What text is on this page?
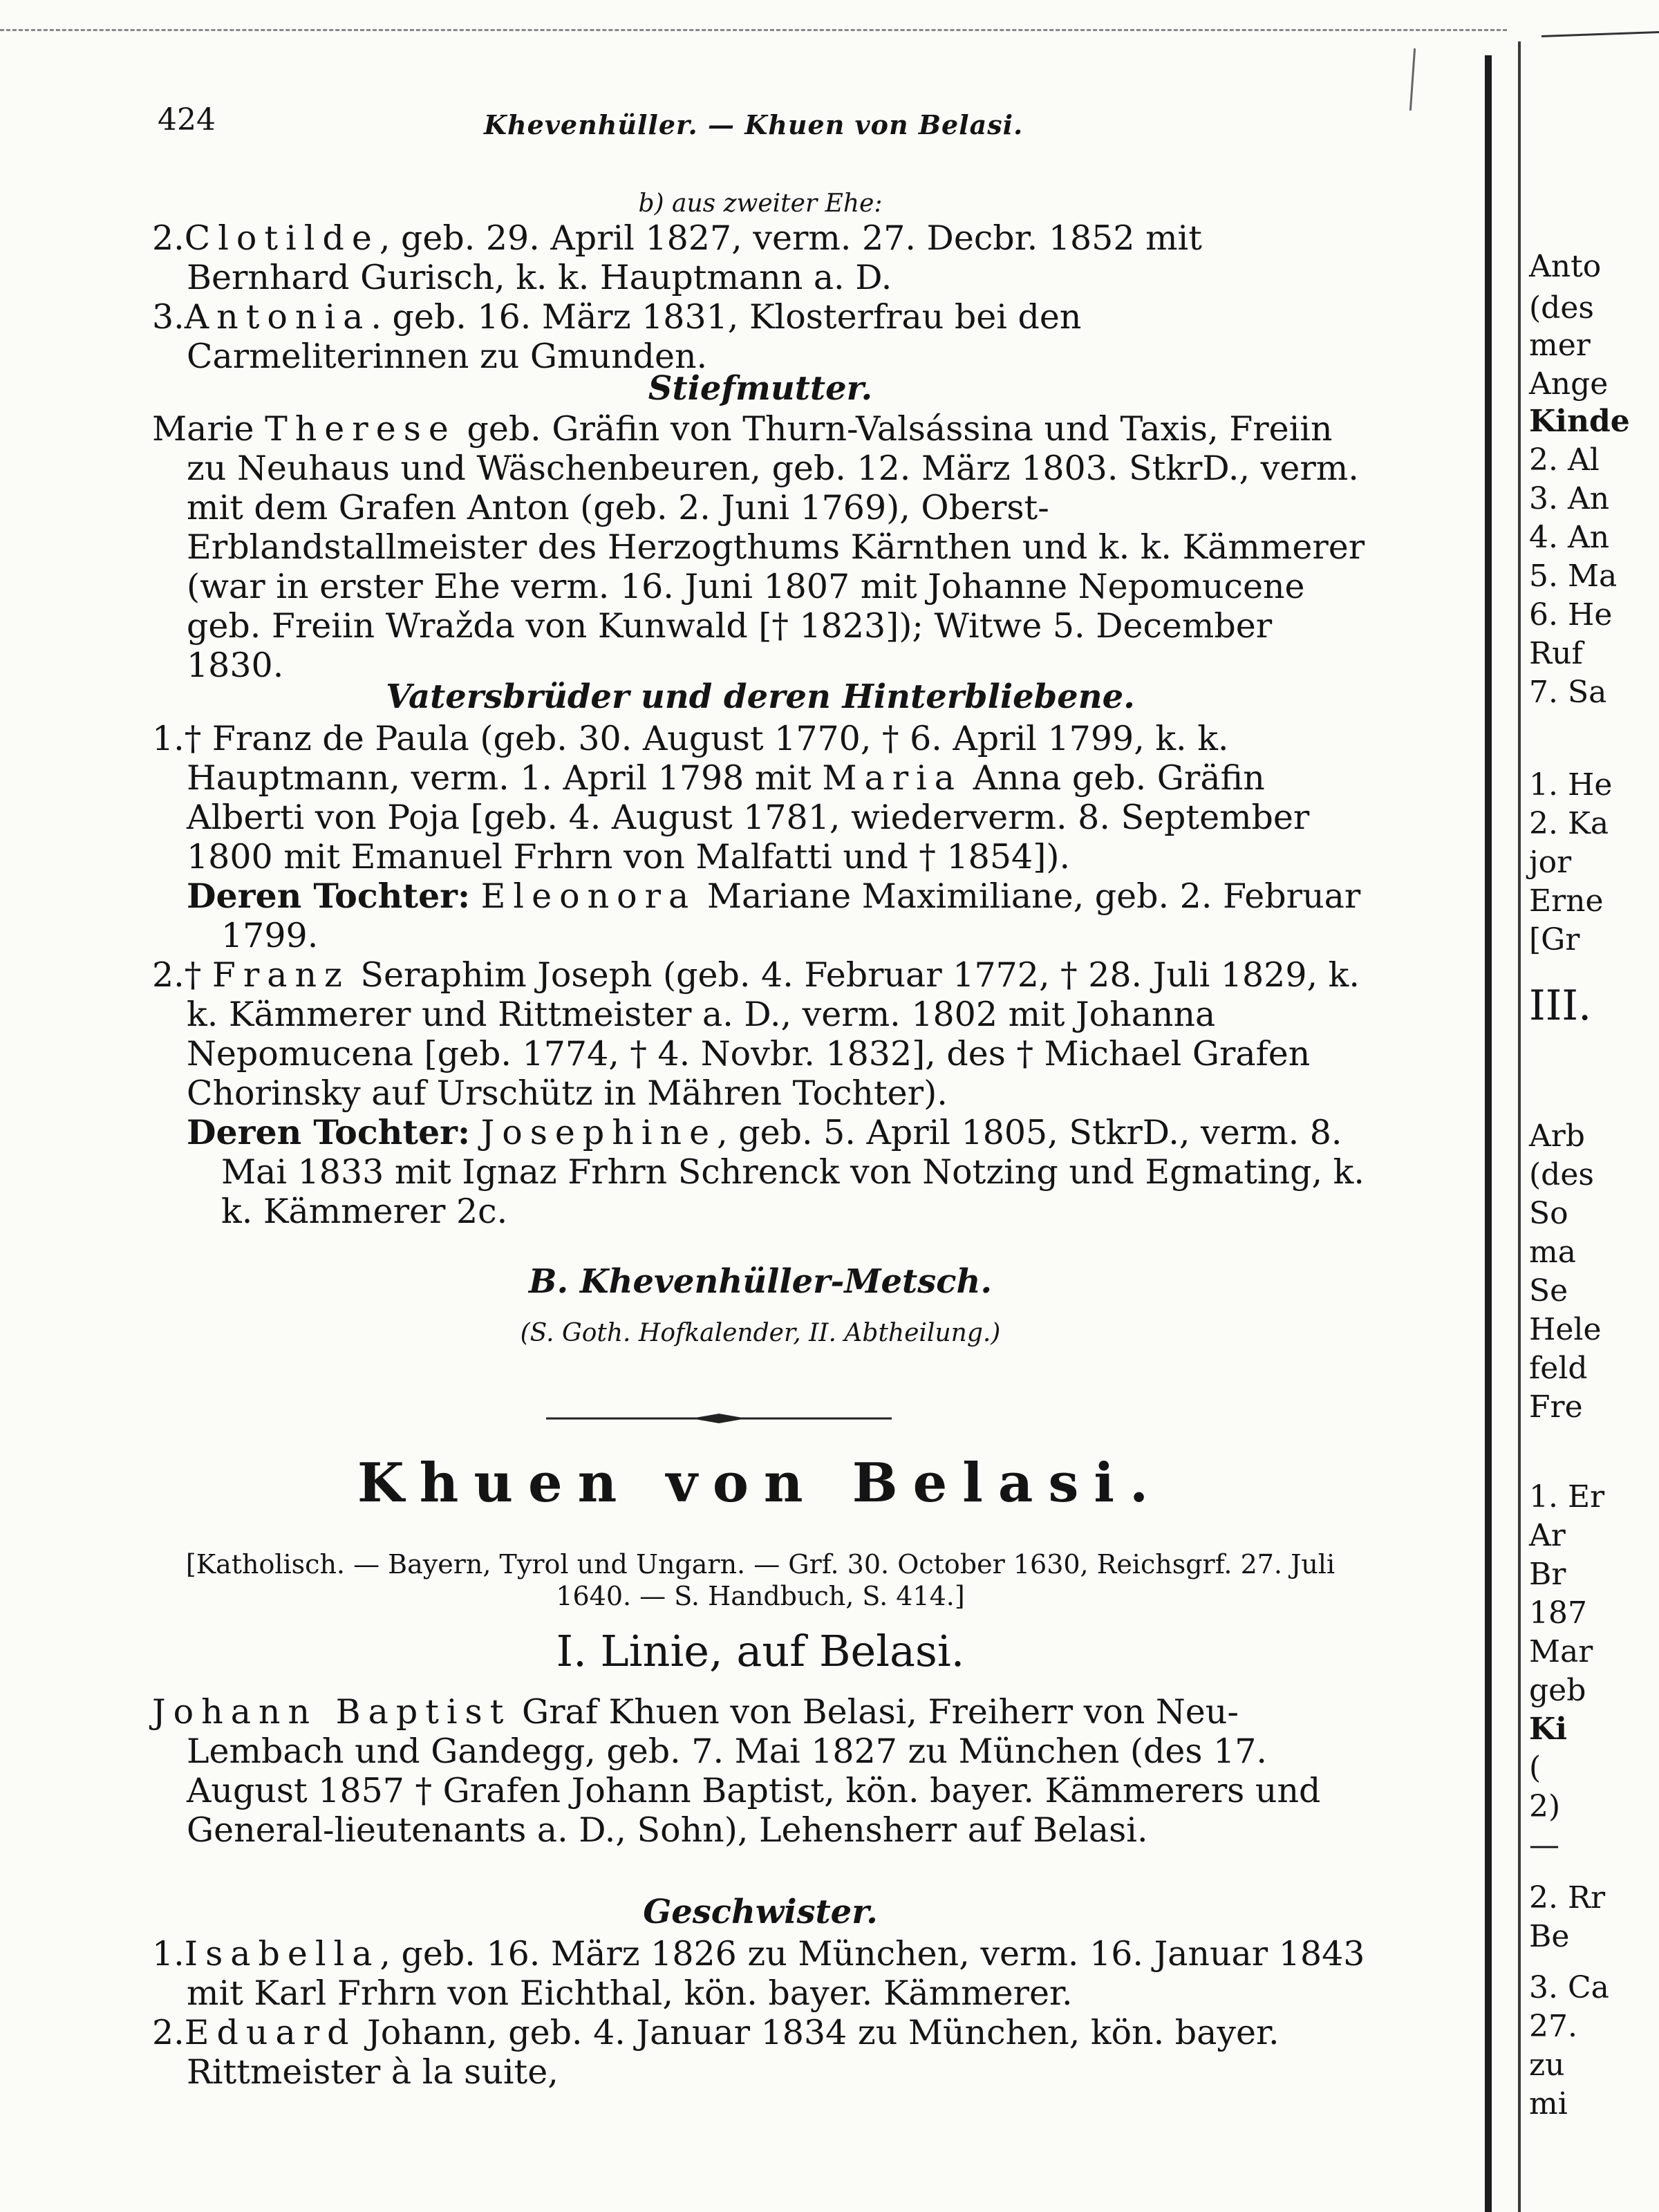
424	Khevenhüller. — Khuen von Belasi.
b) aus zweiter Ehe:

2.Clotilde, geb. 29. April 1827, verm. 27. Decbr. 1852 mit Bernhard Gurisch, k. k. Hauptmann a. D.

3.Antonia. geb. 16. März 1831, Klosterfrau bei den Carmeliterinnen zu Gmunden.

Stiefmutter.

Marie Therese geb. Gräfin von Thurn-Valsássina und Taxis, Freiin zu Neuhaus und Wäschenbeuren, geb. 12. März 1803. StkrD., verm. mit dem Grafen Anton (geb. 2. Juni 1769), Oberst-Erblandstallmeister des Herzogthums Kärnthen und k. k. Kämmerer (war in erster Ehe verm. 16. Juni 1807 mit Johanne Nepomucene geb. Freiin Wražda von Kunwald [† 1823]); Witwe 5. December 1830.

Vatersbrüder und deren Hinterbliebene.

1.† Franz de Paula (geb. 30. August 1770, † 6. April 1799, k. k. Hauptmann, verm. 1. April 1798 mit Maria Anna geb. Gräfin Alberti von Poja [geb. 4. August 1781, wiederverm. 8. September 1800 mit Emanuel Frhrn von Malfatti und † 1854]).

Deren Tochter: Eleonora Mariane Maximiliane, geb. 2. Februar 1799.

2.† Franz Seraphim Joseph (geb. 4. Februar 1772, † 28. Juli 1829, k. k. Kämmerer und Rittmeister a. D., verm. 1802 mit Johanna Nepomucena [geb. 1774, † 4. Novbr. 1832], des † Michael Grafen Chorinsky auf Urschütz in Mähren Tochter).

Deren Tochter: Josephine, geb. 5. April 1805, StkrD., verm. 8. Mai 1833 mit Ignaz Frhrn Schrenck von Notzing und Egmating, k. k. Kämmerer 2c.

B. Khevenhüller-Metsch.
(S. Goth. Hofkalender, II. Abtheilung.)
Khuen von Belasi.
[Katholisch. — Bayern, Tyrol und Ungarn. — Grf. 30. October 1630, Reichsgrf. 27. Juli 1640. — S. Handbuch, S. 414.]
I. Linie, auf Belasi.

Johann Baptist Graf Khuen von Belasi, Freiherr von Neu-Lembach und Gandegg, geb. 7. Mai 1827 zu München (des 17. August 1857 † Grafen Johann Baptist, kön. bayer. Kämmerers und General-lieutenants a. D., Sohn), Lehensherr auf Belasi.

Geschwister.

1.Isabella, geb. 16. März 1826 zu München, verm. 16. Januar 1843 mit Karl Frhrn von Eichthal, kön. bayer. Kämmerer.

2.Eduard Johann, geb. 4. Januar 1834 zu München, kön. bayer. Rittmeister à la suite,

Anto
(des
mer
Ange
Kinde
2. Al
3. An
4. An
5. Ma
6. He
Ruf
7. Sa
1. He
2. Ka
jor
Erne
[Gr
III.
Arb
(des
So
ma
Se
Hele
feld
Fre
1. Er
Ar
Br
187
Mar
geb
Ki
(
2)
—
2. Rr
Be
3. Ca
27.
zu
mi
